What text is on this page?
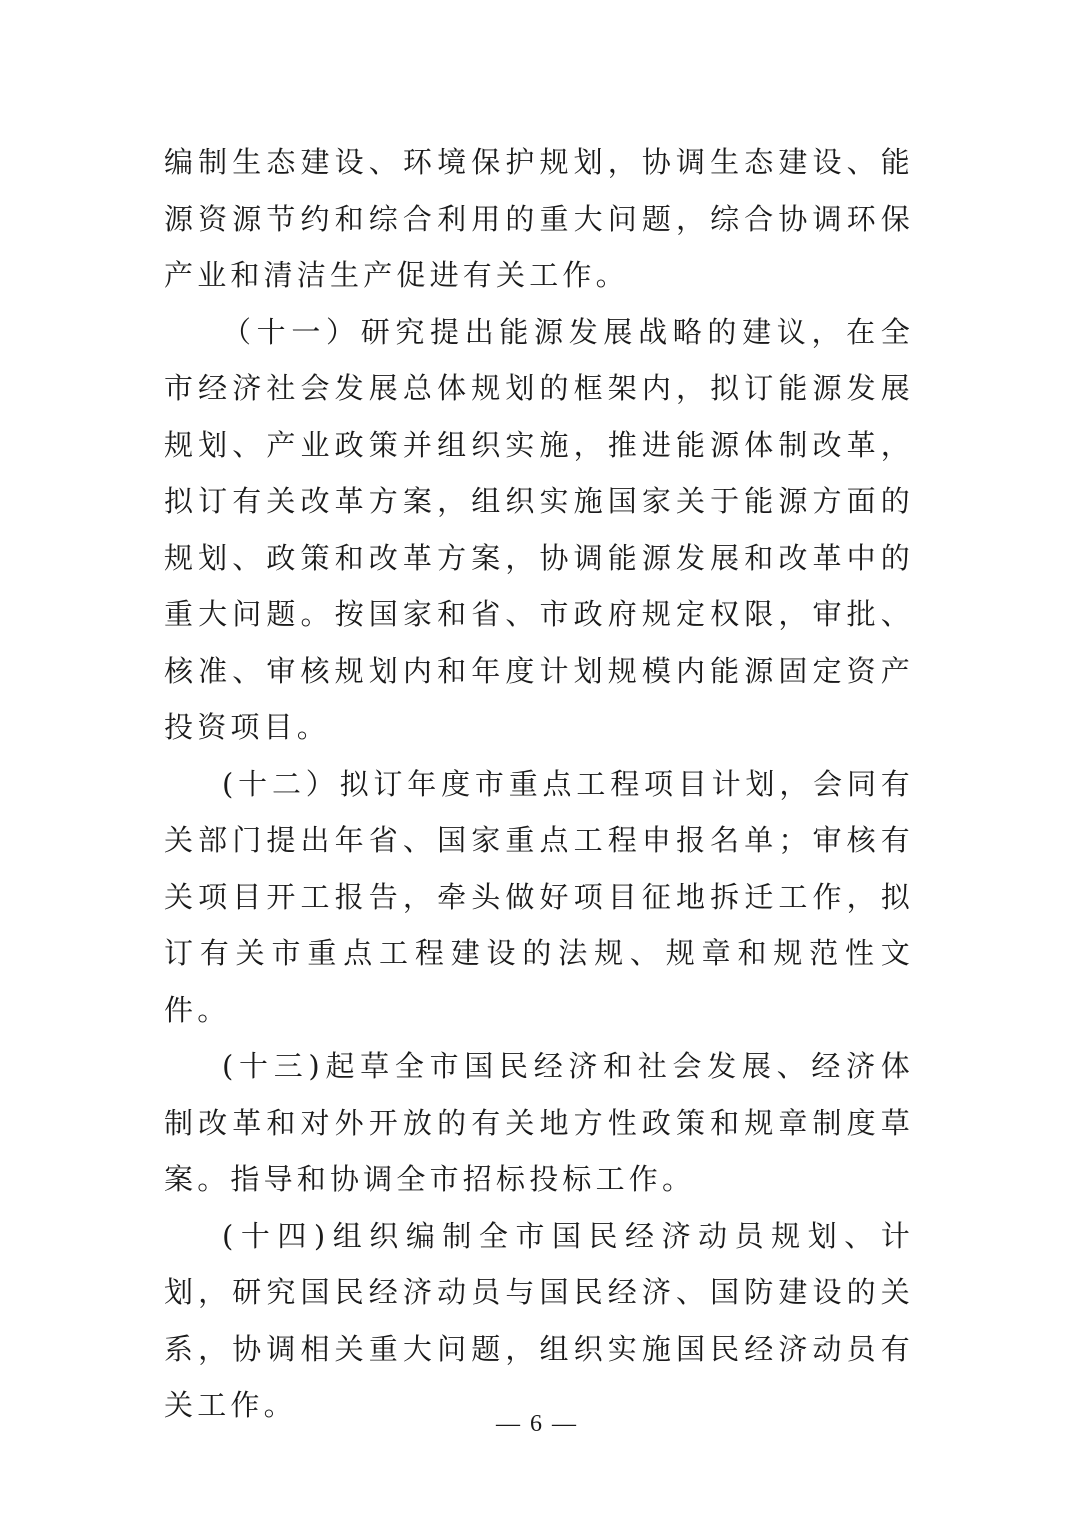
编制生态建设、环境保护规划，协调生态建设、能源资源节约和综合利用的重大问题，综合协调环保产业和清洁生产促进有关工作。

（十一）研究提出能源发展战略的建议，在全市经济社会发展总体规划的框架内，拟订能源发展规划、产业政策并组织实施，推进能源体制改革，拟订有关改革方案，组织实施国家关于能源方面的规划、政策和改革方案，协调能源发展和改革中的重大问题。按国家和省、市政府规定权限，审批、核准、审核规划内和年度计划规模内能源固定资产投资项目。

(十二）拟订年度市重点工程项目计划，会同有关部门提出年省、国家重点工程申报名单；审核有关项目开工报告，牵头做好项目征地拆迁工作，拟订有关市重点工程建设的法规、规章和规范性文件。

(十三)起草全市国民经济和社会发展、经济体制改革和对外开放的有关地方性政策和规章制度草案。指导和协调全市招标投标工作。

(十四)组织编制全市国民经济动员规划、计划，研究国民经济动员与国民经济、国防建设的关系，协调相关重大问题，组织实施国民经济动员有关工作。

— 6 —
